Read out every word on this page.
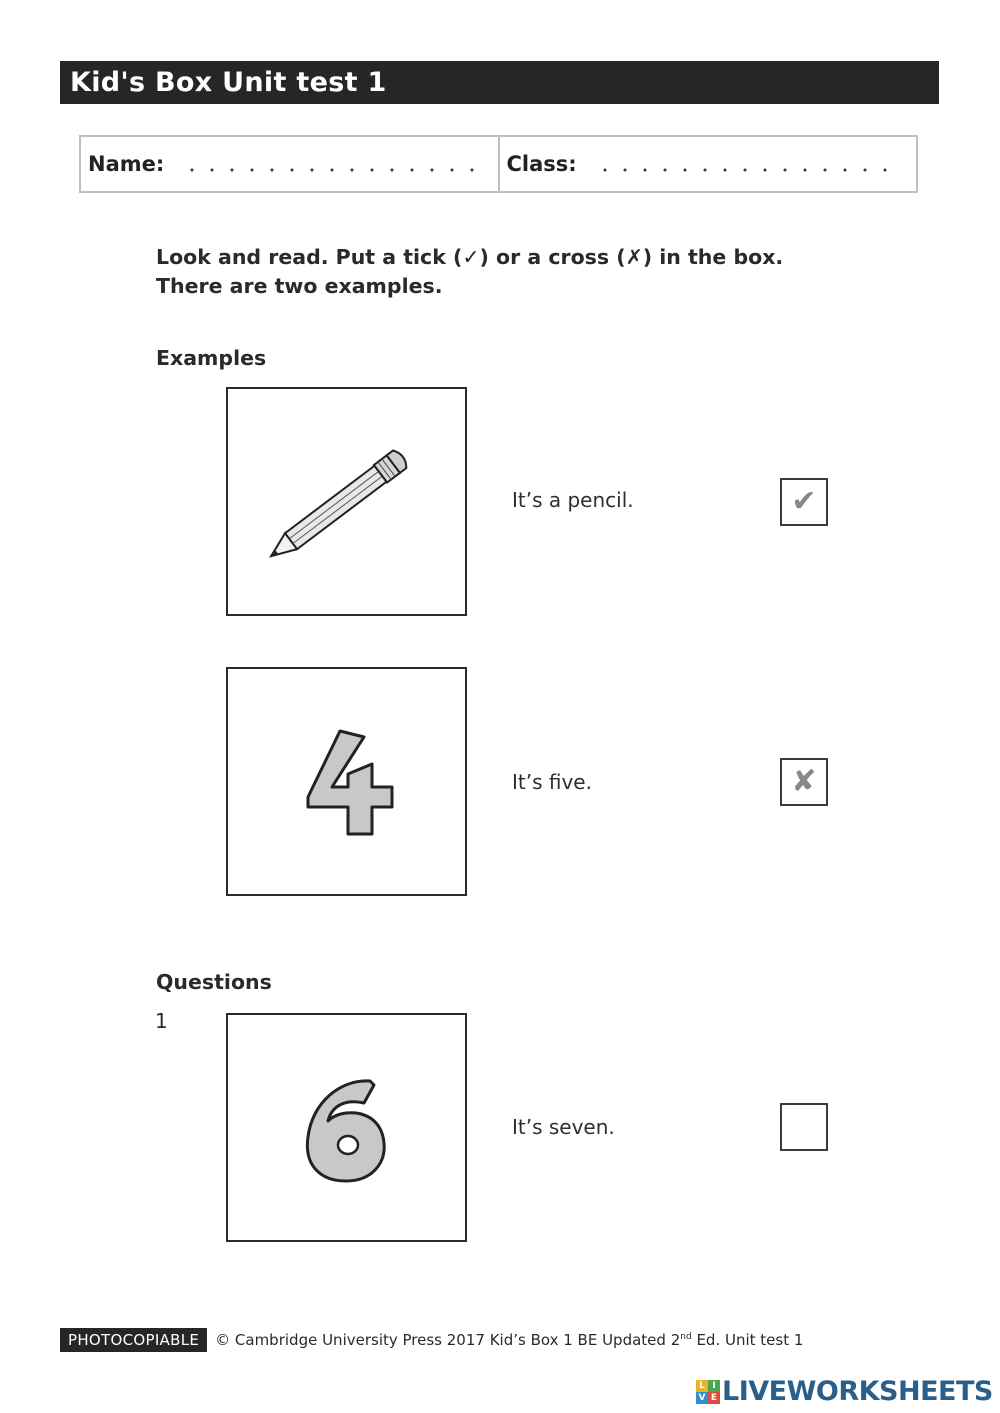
Kid's Box Unit test 1
Name:	Class:
Look and read. Put a tick (✓) or a cross (✗) in the box.
There are two examples.
Examples
It’s a pencil.	✔
It’s five.	✘
Questions
1
It’s seven.
PHOTOCOPIABLE	© Cambridge University Press 2017 Kid’s Box 1 BE Updated 2nd Ed. Unit test 1
L I
V E LIVEWORKSHEETS
